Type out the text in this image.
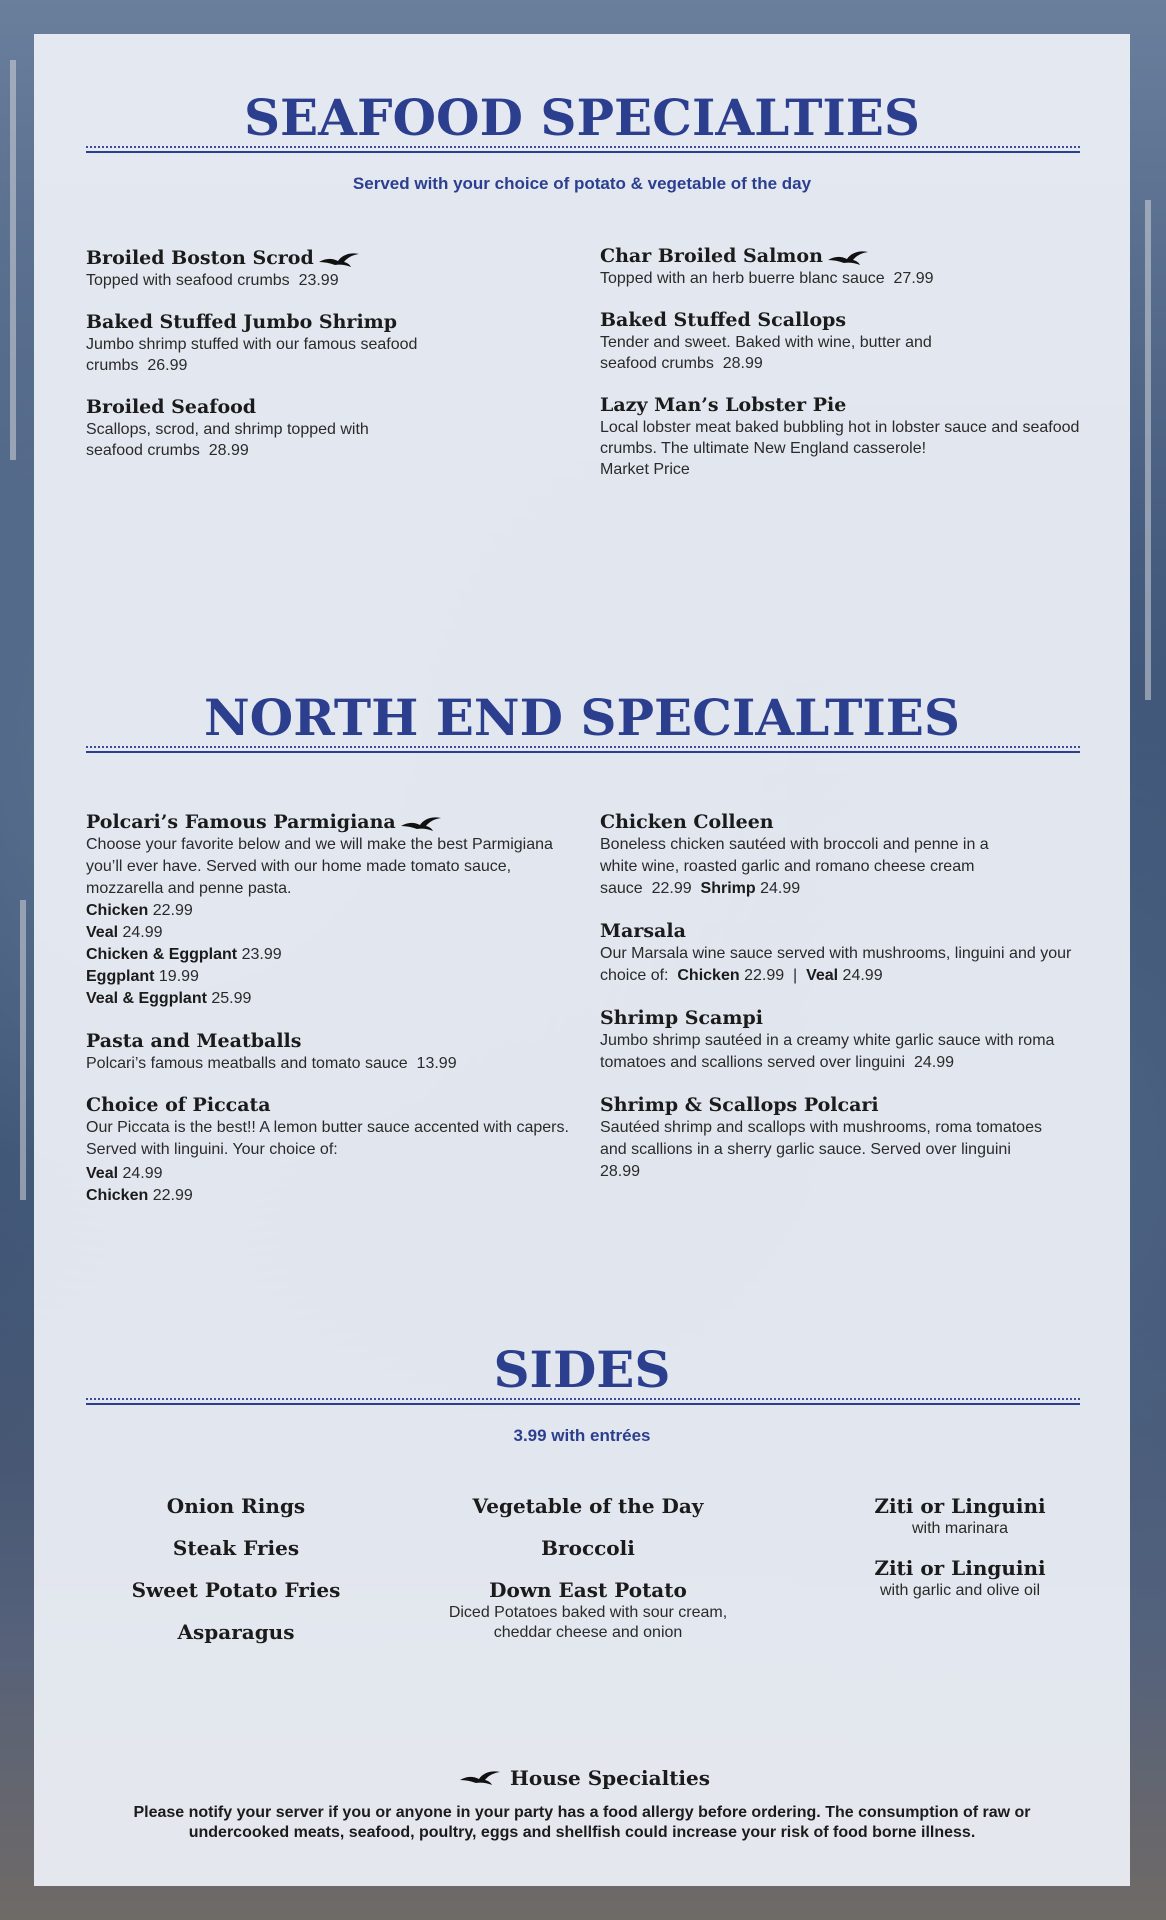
SEAFOOD SPECIALTIES
Served with your choice of potato & vegetable of the day
Broiled Boston Scrod
Topped with seafood crumbs 23.99
Baked Stuffed Jumbo Shrimp
Jumbo shrimp stuffed with our famous seafood crumbs 26.99
Broiled Seafood
Scallops, scrod, and shrimp topped with seafood crumbs 28.99
Char Broiled Salmon
Topped with an herb buerre blanc sauce 27.99
Baked Stuffed Scallops
Tender and sweet. Baked with wine, butter and seafood crumbs 28.99
Lazy Man’s Lobster Pie
Local lobster meat baked bubbling hot in lobster sauce and seafood crumbs. The ultimate New England casserole!
Market Price
NORTH END SPECIALTIES
Polcari’s Famous Parmigiana
Choose your favorite below and we will make the best Parmigiana you’ll ever have. Served with our home made tomato sauce, mozzarella and penne pasta.
Chicken 22.99
Veal 24.99
Chicken & Eggplant 23.99
Eggplant 19.99
Veal & Eggplant 25.99
Pasta and Meatballs
Polcari’s famous meatballs and tomato sauce 13.99
Choice of Piccata
Our Piccata is the best!! A lemon butter sauce accented with capers. Served with linguini. Your choice of:
Veal 24.99
Chicken 22.99
Chicken Colleen
Boneless chicken sautéed with broccoli and penne in a white wine, roasted garlic and romano cheese cream sauce 22.99 Shrimp 24.99
Marsala
Our Marsala wine sauce served with mushrooms, linguini and your choice of: Chicken 22.99 | Veal 24.99
Shrimp Scampi
Jumbo shrimp sautéed in a creamy white garlic sauce with roma tomatoes and scallions served over linguini 24.99
Shrimp & Scallops Polcari
Sautéed shrimp and scallops with mushrooms, roma tomatoes and scallions in a sherry garlic sauce. Served over linguini  28.99
SIDES
3.99 with entrées
Onion Rings
Steak Fries
Sweet Potato Fries
Asparagus
Vegetable of the Day
Broccoli
Down East Potato
Diced Potatoes baked with sour cream, cheddar cheese and onion
Ziti or Linguini
with marinara
Ziti or Linguini
with garlic and olive oil
House Specialties
Please notify your server if you or anyone in your party has a food allergy before ordering. The consumption of raw or undercooked meats, seafood, poultry, eggs and shellfish could increase your risk of food borne illness.
